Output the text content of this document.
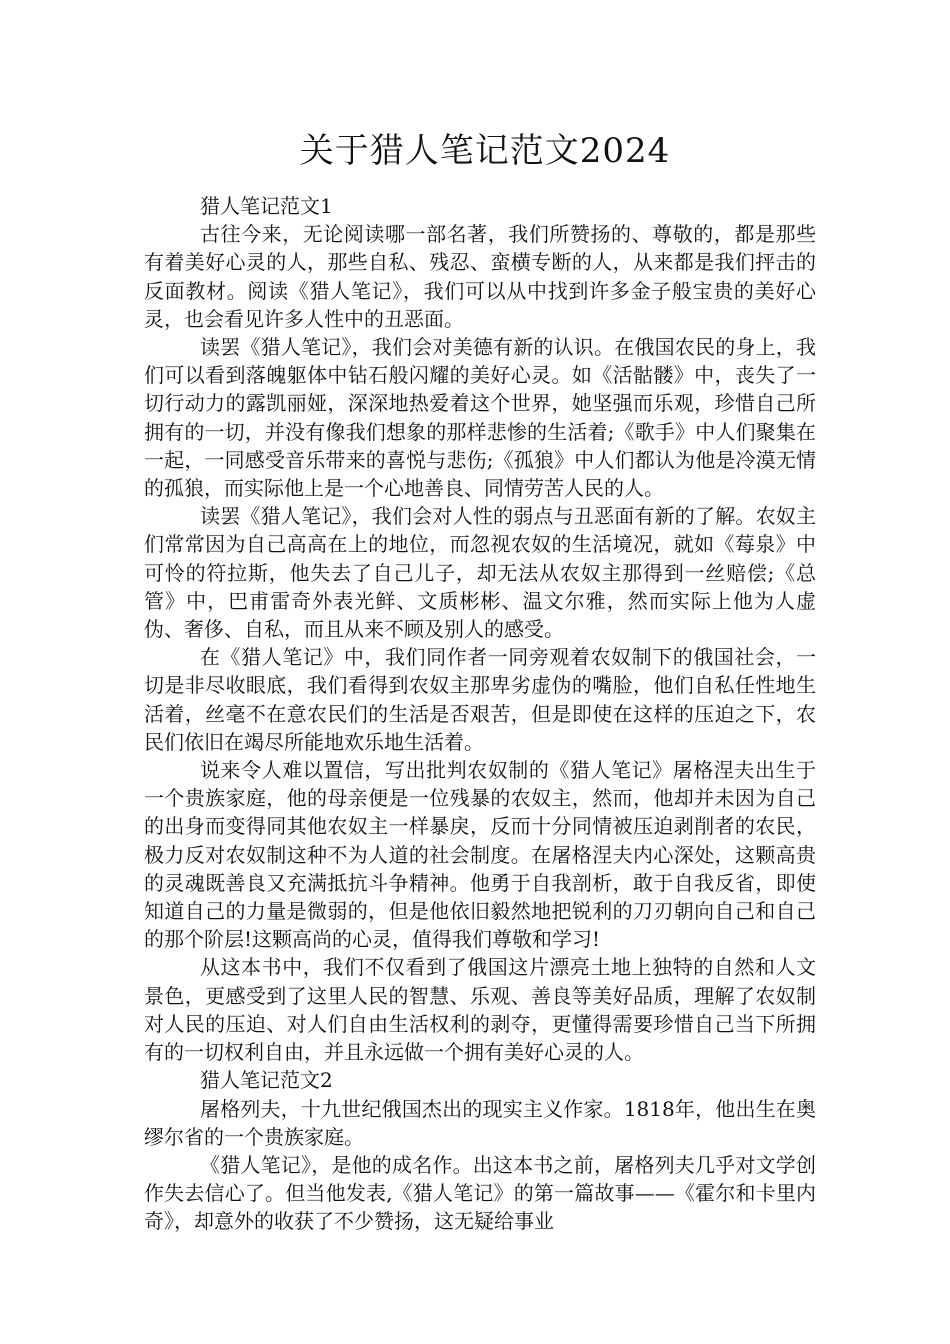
关于猎人笔记范文2024

猎人笔记范文1

古往今来，无论阅读哪一部名著，我们所赞扬的、尊敬的，都是那些有着美好心灵的人，那些自私、残忍、蛮横专断的人，从来都是我们抨击的反面教材。阅读《猎人笔记》，我们可以从中找到许多金子般宝贵的美好心灵，也会看见许多人性中的丑恶面。

读罢《猎人笔记》，我们会对美德有新的认识。在俄国农民的身上，我们可以看到落魄躯体中钻石般闪耀的美好心灵。如《活骷髅》中，丧失了一切行动力的露凯丽娅，深深地热爱着这个世界，她坚强而乐观，珍惜自己所拥有的一切，并没有像我们想象的那样悲惨的生活着;《歌手》中人们聚集在一起，一同感受音乐带来的喜悦与悲伤;《孤狼》中人们都认为他是冷漠无情的孤狼，而实际他上是一个心地善良、同情劳苦人民的人。

读罢《猎人笔记》，我们会对人性的弱点与丑恶面有新的了解。农奴主们常常因为自己高高在上的地位，而忽视农奴的生活境况，就如《莓泉》中可怜的符拉斯，他失去了自己儿子，却无法从农奴主那得到一丝赔偿;《总管》中，巴甫雷奇外表光鲜、文质彬彬、温文尔雅，然而实际上他为人虚伪、奢侈、自私，而且从来不顾及别人的感受。

在《猎人笔记》中，我们同作者一同旁观着农奴制下的俄国社会，一切是非尽收眼底，我们看得到农奴主那卑劣虚伪的嘴脸，他们自私任性地生活着，丝毫不在意农民们的生活是否艰苦，但是即使在这样的压迫之下，农民们依旧在竭尽所能地欢乐地生活着。

说来令人难以置信，写出批判农奴制的《猎人笔记》屠格涅夫出生于一个贵族家庭，他的母亲便是一位残暴的农奴主，然而，他却并未因为自己的出身而变得同其他农奴主一样暴戾，反而十分同情被压迫剥削者的农民，极力反对农奴制这种不为人道的社会制度。在屠格涅夫内心深处，这颗高贵的灵魂既善良又充满抵抗斗争精神。他勇于自我剖析，敢于自我反省，即使知道自己的力量是微弱的，但是他依旧毅然地把锐利的刀刃朝向自己和自己的那个阶层!这颗高尚的心灵，值得我们尊敬和学习!

从这本书中，我们不仅看到了俄国这片漂亮土地上独特的自然和人文景色，更感受到了这里人民的智慧、乐观、善良等美好品质，理解了农奴制对人民的压迫、对人们自由生活权利的剥夺，更懂得需要珍惜自己当下所拥有的一切权利自由，并且永远做一个拥有美好心灵的人。

猎人笔记范文2

屠格列夫，十九世纪俄国杰出的现实主义作家。1818年，他出生在奥缪尔省的一个贵族家庭。

《猎人笔记》，是他的成名作。出这本书之前，屠格列夫几乎对文学创作失去信心了。但当他发表,《猎人笔记》的第一篇故事——《霍尔和卡里内奇》，却意外的收获了不少赞扬，这无疑给事业
